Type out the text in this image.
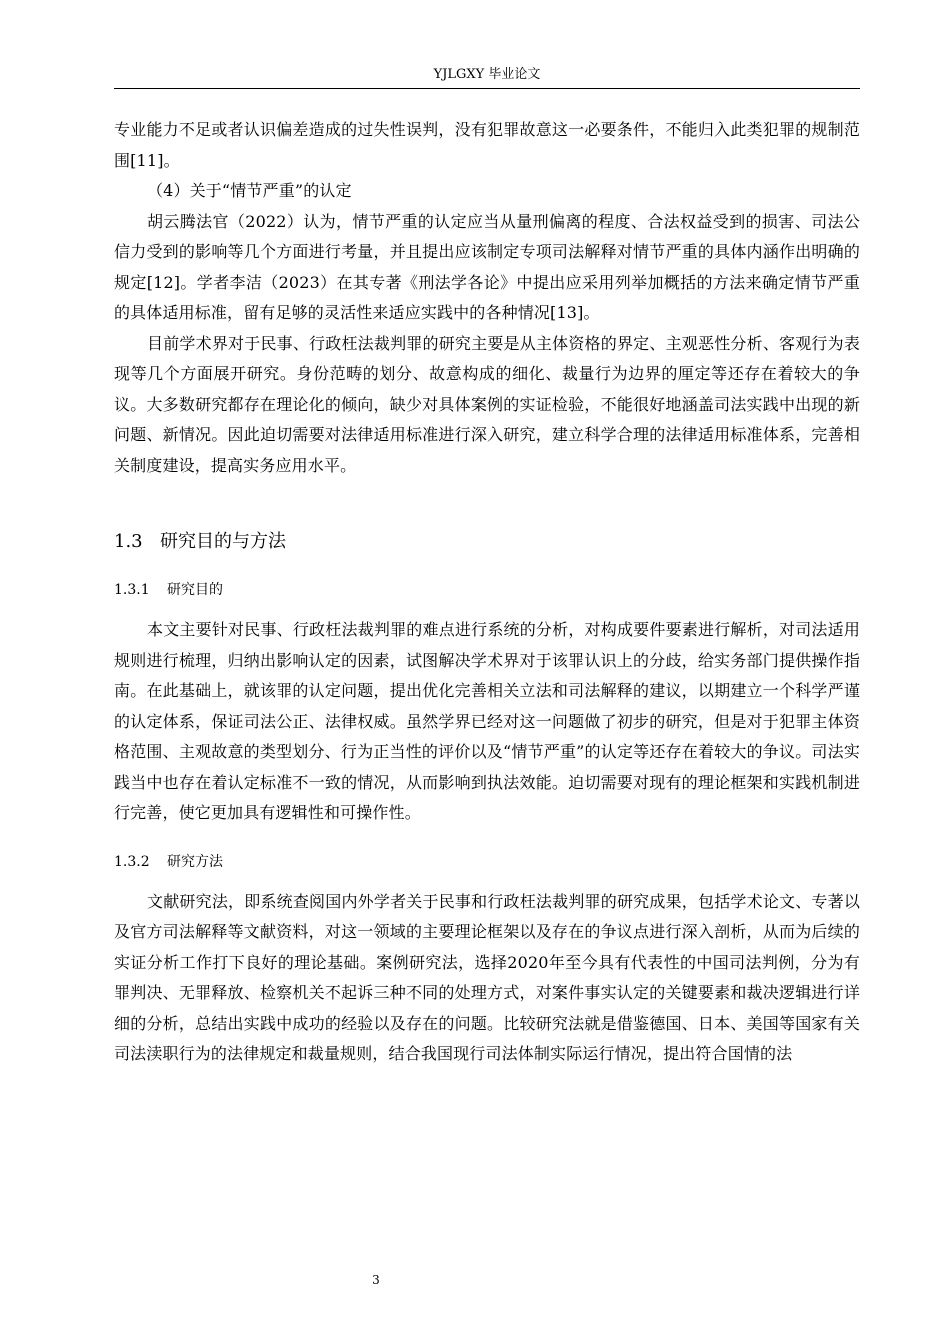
YJLGXY 毕业论文

专业能力不足或者认识偏差造成的过失性误判，没有犯罪故意这一必要条件，不能归入此类犯罪的规制范围[11]。

（4）关于“情节严重”的认定

胡云腾法官（2022）认为，情节严重的认定应当从量刑偏离的程度、合法权益受到的损害、司法公信力受到的影响等几个方面进行考量，并且提出应该制定专项司法解释对情节严重的具体内涵作出明确的规定[12]。学者李洁（2023）在其专著《刑法学各论》中提出应采用列举加概括的方法来确定情节严重的具体适用标准，留有足够的灵活性来适应实践中的各种情况[13]。

目前学术界对于民事、行政枉法裁判罪的研究主要是从主体资格的界定、主观恶性分析、客观行为表现等几个方面展开研究。身份范畴的划分、故意构成的细化、裁量行为边界的厘定等还存在着较大的争议。大多数研究都存在理论化的倾向，缺少对具体案例的实证检验，不能很好地涵盖司法实践中出现的新问题、新情况。因此迫切需要对法律适用标准进行深入研究，建立科学合理的法律适用标准体系，完善相关制度建设，提高实务应用水平。

1.3 研究目的与方法
1.3.1 研究目的

本文主要针对民事、行政枉法裁判罪的难点进行系统的分析，对构成要件要素进行解析，对司法适用规则进行梳理，归纳出影响认定的因素，试图解决学术界对于该罪认识上的分歧，给实务部门提供操作指南。在此基础上，就该罪的认定问题，提出优化完善相关立法和司法解释的建议，以期建立一个科学严谨的认定体系，保证司法公正、法律权威。虽然学界已经对这一问题做了初步的研究，但是对于犯罪主体资格范围、主观故意的类型划分、行为正当性的评价以及“情节严重”的认定等还存在着较大的争议。司法实践当中也存在着认定标准不一致的情况，从而影响到执法效能。迫切需要对现有的理论框架和实践机制进行完善，使它更加具有逻辑性和可操作性。

1.3.2 研究方法

文献研究法，即系统查阅国内外学者关于民事和行政枉法裁判罪的研究成果，包括学术论文、专著以及官方司法解释等文献资料，对这一领域的主要理论框架以及存在的争议点进行深入剖析，从而为后续的实证分析工作打下良好的理论基础。案例研究法，选择2020年至今具有代表性的中国司法判例，分为有罪判决、无罪释放、检察机关不起诉三种不同的处理方式，对案件事实认定的关键要素和裁决逻辑进行详细的分析，总结出实践中成功的经验以及存在的问题。比较研究法就是借鉴德国、日本、美国等国家有关司法渎职行为的法律规定和裁量规则，结合我国现行司法体制实际运行情况，提出符合国情的法

3
